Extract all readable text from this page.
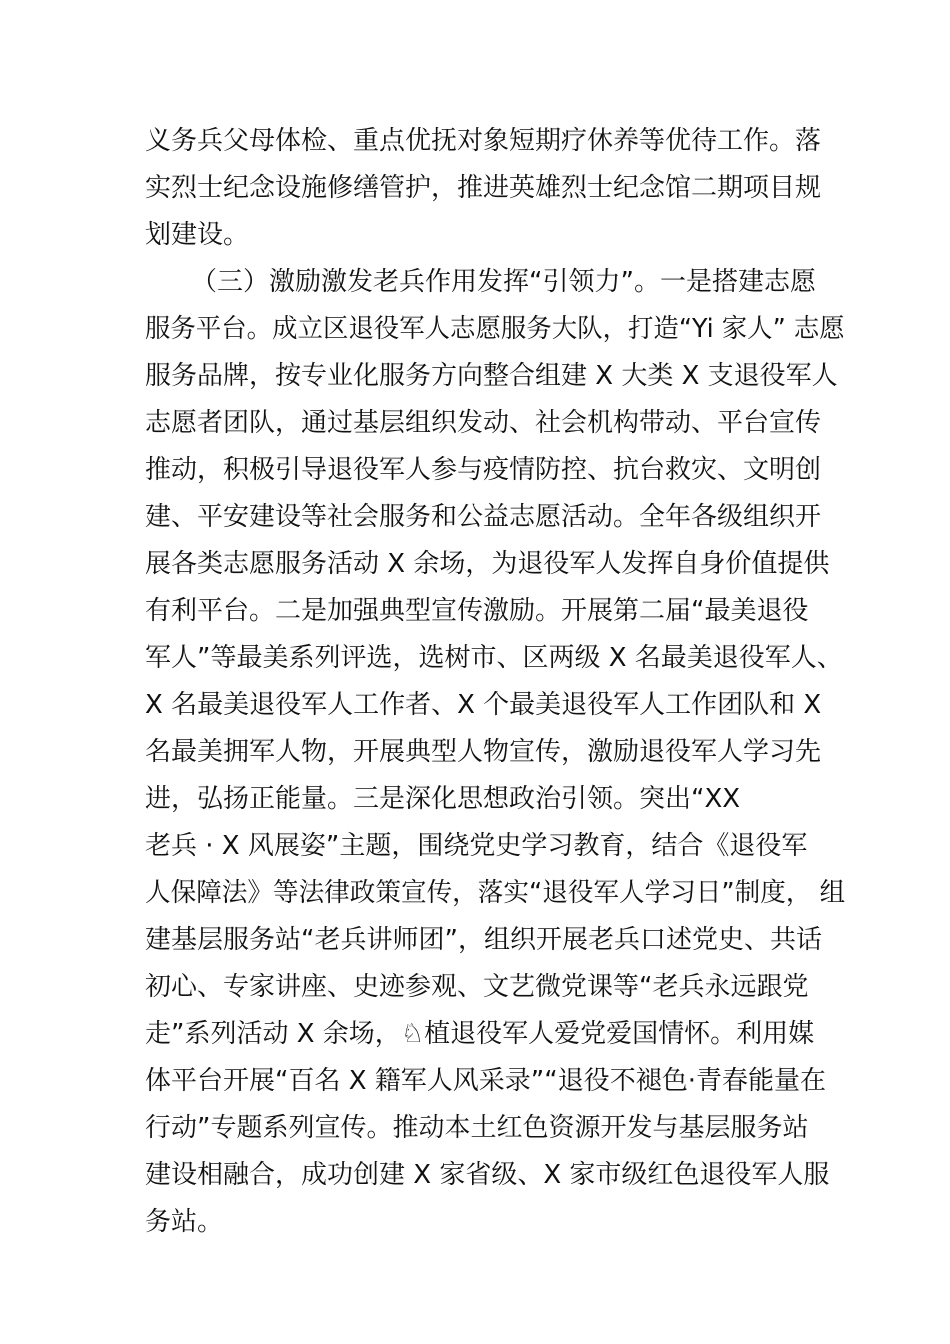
义务兵父母体检、重点优抚对象短期疗休养等优待工作。落
实烈士纪念设施修缮管护，推进英雄烈士纪念馆二期项目规
划建设。
（三）激励激发老兵作用发挥“引领力”。一是搭建志愿
服务平台。成立区退役军人志愿服务大队，打造“Yi 家人” 志愿
服务品牌，按专业化服务方向整合组建 X 大类 X 支退役军人
志愿者团队，通过基层组织发动、社会机构带动、平台宣传
推动，积极引导退役军人参与疫情防控、抗台救灾、文明创
建、平安建设等社会服务和公益志愿活动。全年各级组织开
展各类志愿服务活动 X 余场，为退役军人发挥自身价值提供
有利平台。二是加强典型宣传激励。开展第二届“最美退役
军人”等最美系列评选，选树市、区两级 X 名最美退役军人、
X 名最美退役军人工作者、X 个最美退役军人工作团队和 X
名最美拥军人物，开展典型人物宣传，激励退役军人学习先
进，弘扬正能量。三是深化思想政治引领。突出“XX
老兵 · X 风展姿”主题，围绕党史学习教育，结合《退役军
人保障法》等法律政策宣传，落实“退役军人学习日”制度， 组
建基层服务站“老兵讲师团”，组织开展老兵口述党史、共话
初心、专家讲座、史迹参观、文艺微党课等“老兵永远跟党
走”系列活动 X 余场，♘植退役军人爱党爱国情怀。利用媒
体平台开展“百名 X 籍军人风采录”“退役不褪色·青春能量在
行动”专题系列宣传。推动本土红色资源开发与基层服务站
建设相融合，成功创建 X 家省级、X 家市级红色退役军人服
务站。
